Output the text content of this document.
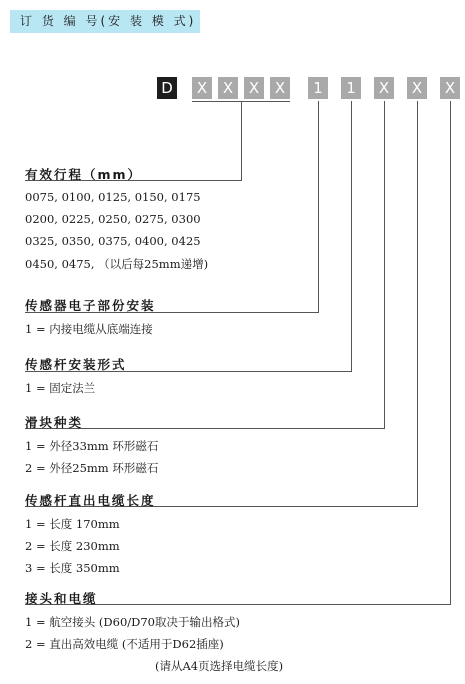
订 货 编 号(安 装 模 式)
D	X	X	X	X	1	1	X	X	X
有效行程（mm）
0075, 0100, 0125, 0150, 0175
0200, 0225, 0250, 0275, 0300
0325, 0350, 0375, 0400, 0425
0450, 0475, （以后每25mm递增)
传感器电子部份安装
1 = 内接电缆从底端连接
传感杆安装形式
1 = 固定法兰
滑块种类
1 = 外径33mm 环形磁石
2 = 外径25mm 环形磁石
传感杆直出电缆长度
1 = 长度 170mm
2 = 长度 230mm
3 = 长度 350mm
接头和电缆
1 = 航空接头 (D60/D70取决于输出格式)
2 = 直出高效电缆 (不适用于D62插座)
(请从A4页选择电缆长度)
